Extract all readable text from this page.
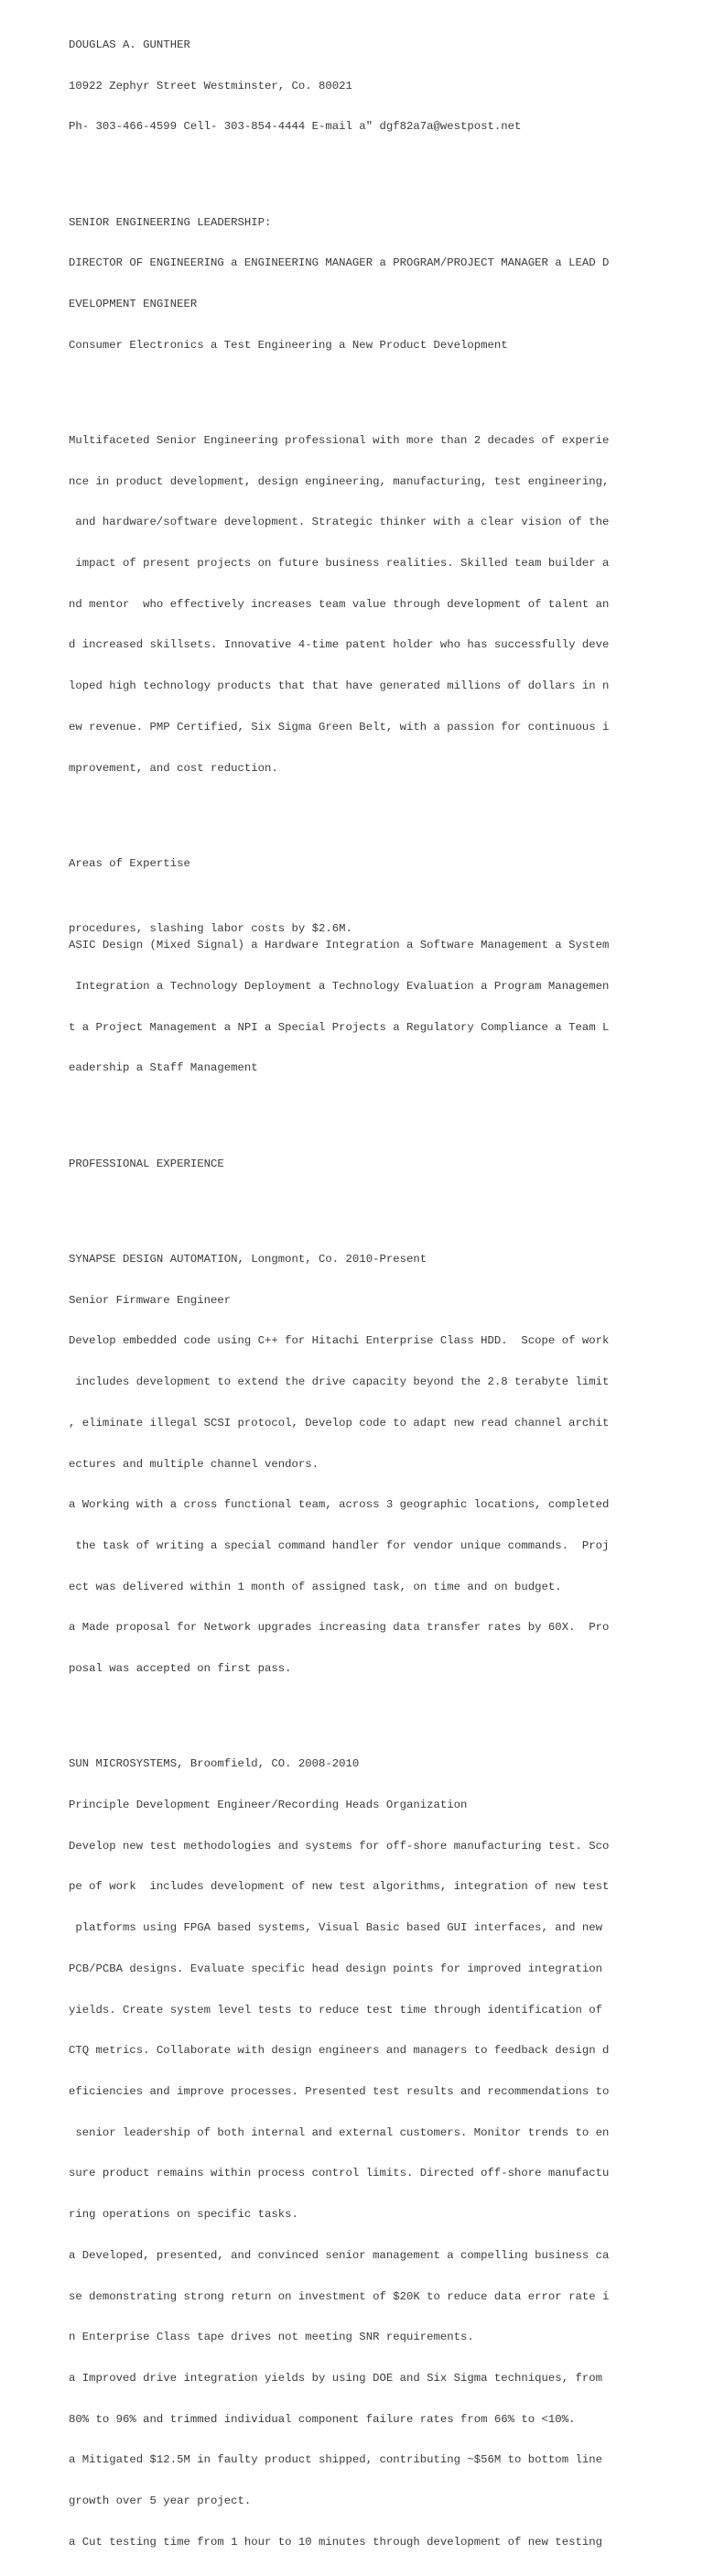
DOUGLAS A. GUNTHER

10922 Zephyr Street Westminster, Co. 80021

Ph- 303-466-4599 Cell- 303-854-4444 E-mail a" dgf82a7a@westpost.net

SENIOR ENGINEERING LEADERSHIP:

DIRECTOR OF ENGINEERING a ENGINEERING MANAGER a PROGRAM/PROJECT MANAGER a LEAD D

EVELOPMENT ENGINEER

Consumer Electronics a Test Engineering a New Product Development

Multifaceted Senior Engineering professional with more than 2 decades of experie

nce in product development, design engineering, manufacturing, test engineering,

and hardware/software development. Strategic thinker with a clear vision of the

impact of present projects on future business realities. Skilled team builder a

nd mentor  who effectively increases team value through development of talent an

d increased skillsets. Innovative 4-time patent holder who has successfully deve

loped high technology products that that have generated millions of dollars in n

ew revenue. PMP Certified, Six Sigma Green Belt, with a passion for continuous i

mprovement, and cost reduction.

Areas of Expertise

ASIC Design (Mixed Signal) a Hardware Integration a Software Management a System

Integration a Technology Deployment a Technology Evaluation a Program Managemen

t a Project Management a NPI a Special Projects a Regulatory Compliance a Team L

eadership a Staff Management

PROFESSIONAL EXPERIENCE

SYNAPSE DESIGN AUTOMATION, Longmont, Co. 2010-Present

Senior Firmware Engineer

Develop embedded code using C++ for Hitachi Enterprise Class HDD.  Scope of work

includes development to extend the drive capacity beyond the 2.8 terabyte limit

, eliminate illegal SCSI protocol, Develop code to adapt new read channel archit

ectures and multiple channel vendors.

a Working with a cross functional team, across 3 geographic locations, completed

the task of writing a special command handler for vendor unique commands.  Proj

ect was delivered within 1 month of assigned task, on time and on budget.

a Made proposal for Network upgrades increasing data transfer rates by 60X.  Pro

posal was accepted on first pass.

SUN MICROSYSTEMS, Broomfield, CO. 2008-2010

Principle Development Engineer/Recording Heads Organization

Develop new test methodologies and systems for off-shore manufacturing test. Sco

pe of work  includes development of new test algorithms, integration of new test

platforms using FPGA based systems, Visual Basic based GUI interfaces, and new

PCB/PCBA designs. Evaluate specific head design points for improved integration

yields. Create system level tests to reduce test time through identification of

CTQ metrics. Collaborate with design engineers and managers to feedback design d

eficiencies and improve processes. Presented test results and recommendations to

senior leadership of both internal and external customers. Monitor trends to en

sure product remains within process control limits. Directed off-shore manufactu

ring operations on specific tasks.

a Developed, presented, and convinced senior management a compelling business ca

se demonstrating strong return on investment of $20K to reduce data error rate i

n Enterprise Class tape drives not meeting SNR requirements.

a Improved drive integration yields by using DOE and Six Sigma techniques, from

80% to 96% and trimmed individual component failure rates from 66% to <10%.

a Mitigated $12.5M in faulty product shipped, contributing ~$56M to bottom line

growth over 5 year project.

a Cut testing time from 1 hour to 10 minutes through development of new testing

procedures, slashing labor costs by $2.6M.
